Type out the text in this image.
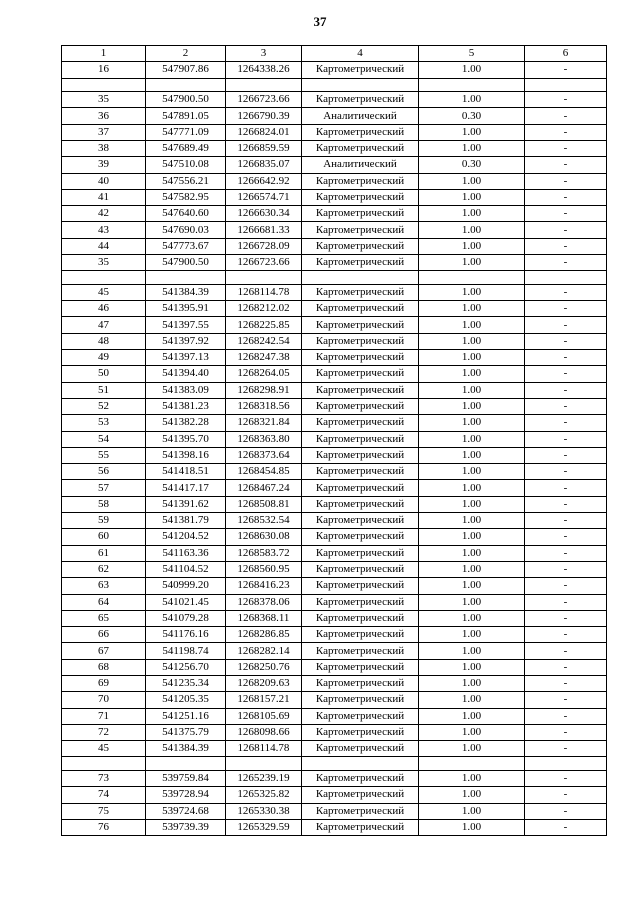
37
1	2	3	4	5	6
16	547907.86	1264338.26	Картометрический	1.00	-

35	547900.50	1266723.66	Картометрический	1.00	-
36	547891.05	1266790.39	Аналитический	0.30	-
37	547771.09	1266824.01	Картометрический	1.00	-
38	547689.49	1266859.59	Картометрический	1.00	-
39	547510.08	1266835.07	Аналитический	0.30	-
40	547556.21	1266642.92	Картометрический	1.00	-
41	547582.95	1266574.71	Картометрический	1.00	-
42	547640.60	1266630.34	Картометрический	1.00	-
43	547690.03	1266681.33	Картометрический	1.00	-
44	547773.67	1266728.09	Картометрический	1.00	-
35	547900.50	1266723.66	Картометрический	1.00	-

45	541384.39	1268114.78	Картометрический	1.00	-
46	541395.91	1268212.02	Картометрический	1.00	-
47	541397.55	1268225.85	Картометрический	1.00	-
48	541397.92	1268242.54	Картометрический	1.00	-
49	541397.13	1268247.38	Картометрический	1.00	-
50	541394.40	1268264.05	Картометрический	1.00	-
51	541383.09	1268298.91	Картометрический	1.00	-
52	541381.23	1268318.56	Картометрический	1.00	-
53	541382.28	1268321.84	Картометрический	1.00	-
54	541395.70	1268363.80	Картометрический	1.00	-
55	541398.16	1268373.64	Картометрический	1.00	-
56	541418.51	1268454.85	Картометрический	1.00	-
57	541417.17	1268467.24	Картометрический	1.00	-
58	541391.62	1268508.81	Картометрический	1.00	-
59	541381.79	1268532.54	Картометрический	1.00	-
60	541204.52	1268630.08	Картометрический	1.00	-
61	541163.36	1268583.72	Картометрический	1.00	-
62	541104.52	1268560.95	Картометрический	1.00	-
63	540999.20	1268416.23	Картометрический	1.00	-
64	541021.45	1268378.06	Картометрический	1.00	-
65	541079.28	1268368.11	Картометрический	1.00	-
66	541176.16	1268286.85	Картометрический	1.00	-
67	541198.74	1268282.14	Картометрический	1.00	-
68	541256.70	1268250.76	Картометрический	1.00	-
69	541235.34	1268209.63	Картометрический	1.00	-
70	541205.35	1268157.21	Картометрический	1.00	-
71	541251.16	1268105.69	Картометрический	1.00	-
72	541375.79	1268098.66	Картометрический	1.00	-
45	541384.39	1268114.78	Картометрический	1.00	-

73	539759.84	1265239.19	Картометрический	1.00	-
74	539728.94	1265325.82	Картометрический	1.00	-
75	539724.68	1265330.38	Картометрический	1.00	-
76	539739.39	1265329.59	Картометрический	1.00	-
